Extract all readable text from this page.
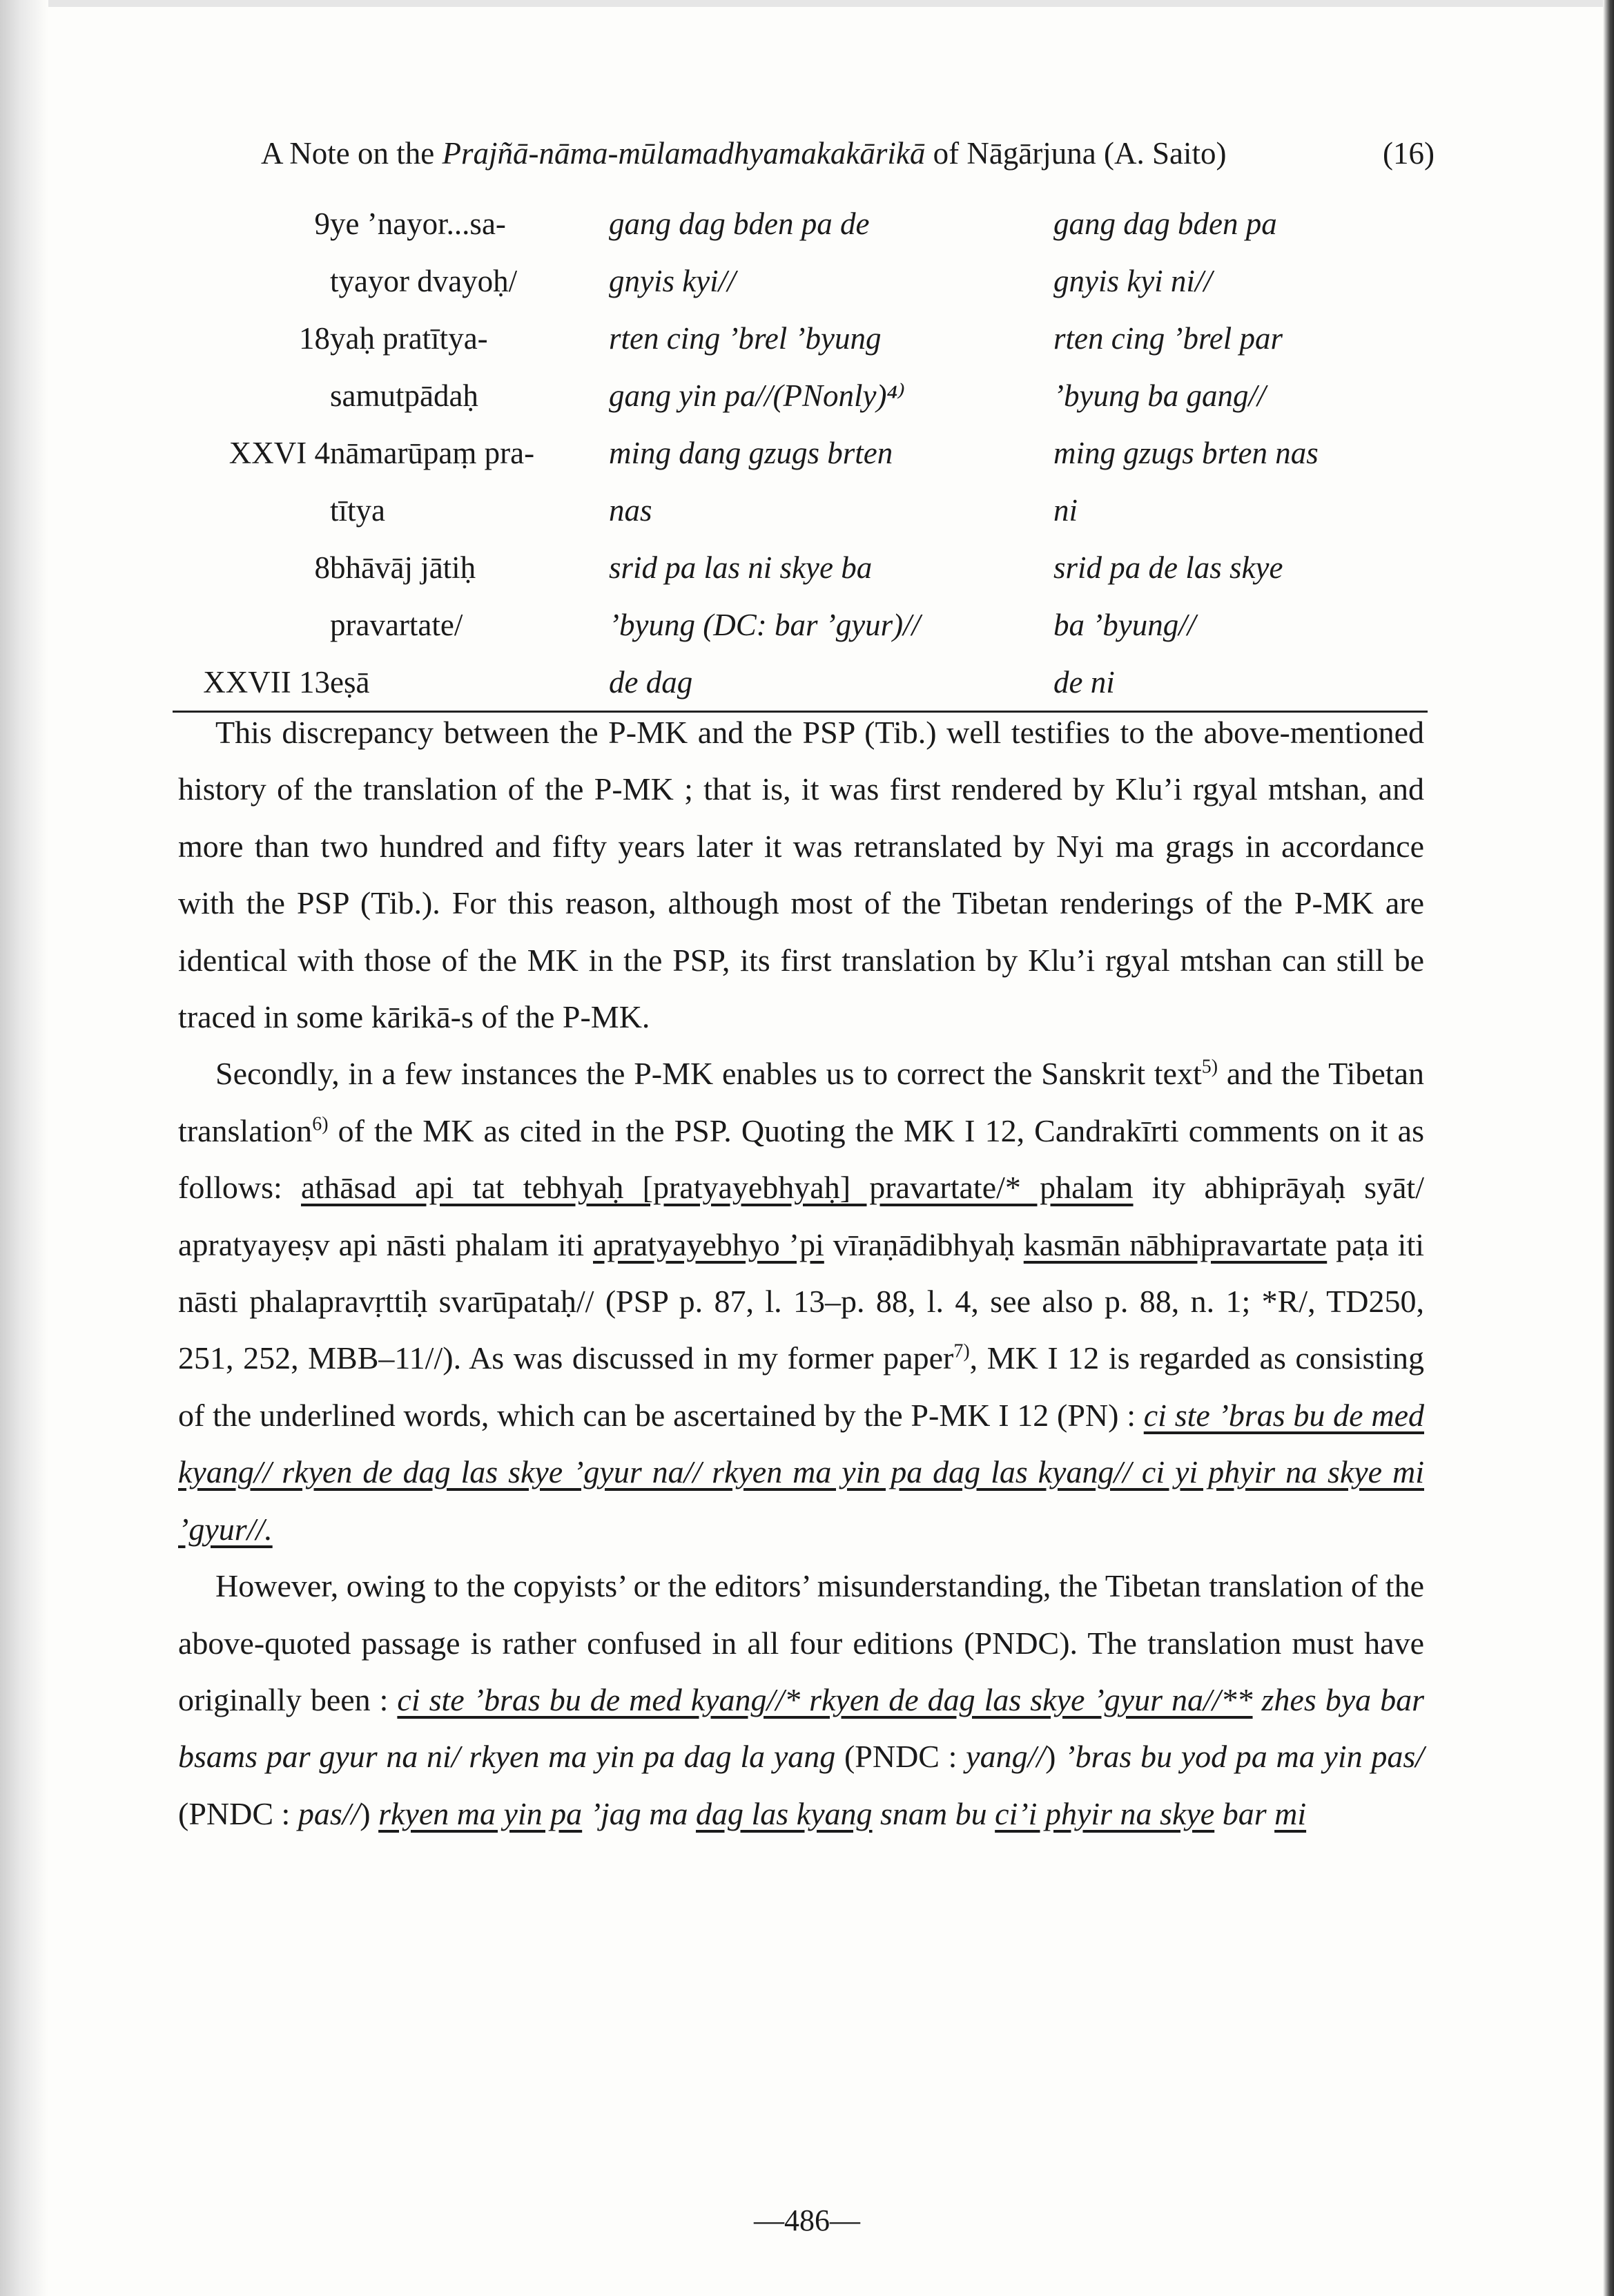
A Note on the Prajñā-nāma-mūlamadhyamakakārikā of Nāgārjuna (A. Saito)	(16)
9	ye ’nayor...sa-	gang dag bden pa de	gang dag bden pa
	tyayor dvayoḥ/	gnyis kyi//	gnyis kyi ni//
18	yaḥ pratītya-	rten cing ’brel ’byung	rten cing ’brel par
	samutpādaḥ	gang yin pa//(PNonly)⁴⁾	’byung ba gang//
XXVI 4	nāmarūpaṃ pra-	ming dang gzugs brten	ming gzugs brten nas
	tītya	nas	ni
8	bhāvāj jātiḥ	srid pa las ni skye ba	srid pa de las skye
	pravartate/	’byung (DC: bar ’gyur)//	ba ’byung//
XXVII 13	eṣā	de dag	de ni

This discrepancy between the P-MK and the PSP (Tib.) well testifies to the above-mentioned history of the translation of the P-MK ; that is, it was first rendered by Klu’i rgyal mtshan, and more than two hundred and fifty years later it was retranslated by Nyi ma grags in accordance with the PSP (Tib.). For this reason, although most of the Tibetan renderings of the P-MK are identical with those of the MK in the PSP, its first translation by Klu’i rgyal mtshan can still be traced in some kārikā-s of the P-MK.

Secondly, in a few instances the P-MK enables us to correct the Sanskrit text$^{5)}$ and the Tibetan translation$^{6)}$ of the MK as cited in the PSP. Quoting the MK I 12, Candrakīrti comments on it as follows: athāsad api tat tebhyaḥ [pratyayebhyaḥ] pravartate/* phalam ity abhiprāyaḥ syāt/ apratyayeṣv api nāsti phalam iti apratyayebhyo ’pi vīraṇādibhyaḥ kasmān nābhipravartate paṭa iti nāsti phalapravṛttiḥ svarūpataḥ// (PSP p. 87, l. 13–p. 88, l. 4, see also p. 88, n. 1; *R/, TD250, 251, 252, MBB–11//). As was discussed in my former paper$^{7)}$, MK I 12 is regarded as consisting of the underlined words, which can be ascertained by the P-MK I 12 (PN) : ci ste ’bras bu de med kyang// rkyen de dag las skye ’gyur na// rkyen ma yin pa dag las kyang// ci yi phyir na skye mi ’gyur//.

However, owing to the copyists’ or the editors’ misunderstanding, the Tibetan translation of the above-quoted passage is rather confused in all four editions (PNDC). The translation must have originally been : ci ste ’bras bu de med kyang//* rkyen de dag las skye ’gyur na//** zhes bya bar bsams par gyur na ni/ rkyen ma yin pa dag la yang (PNDC : yang//) ’bras bu yod pa ma yin pas/ (PNDC : pas//) rkyen ma yin pa ’jag ma dag las kyang snam bu ci’i phyir na skye bar mi

—486—
